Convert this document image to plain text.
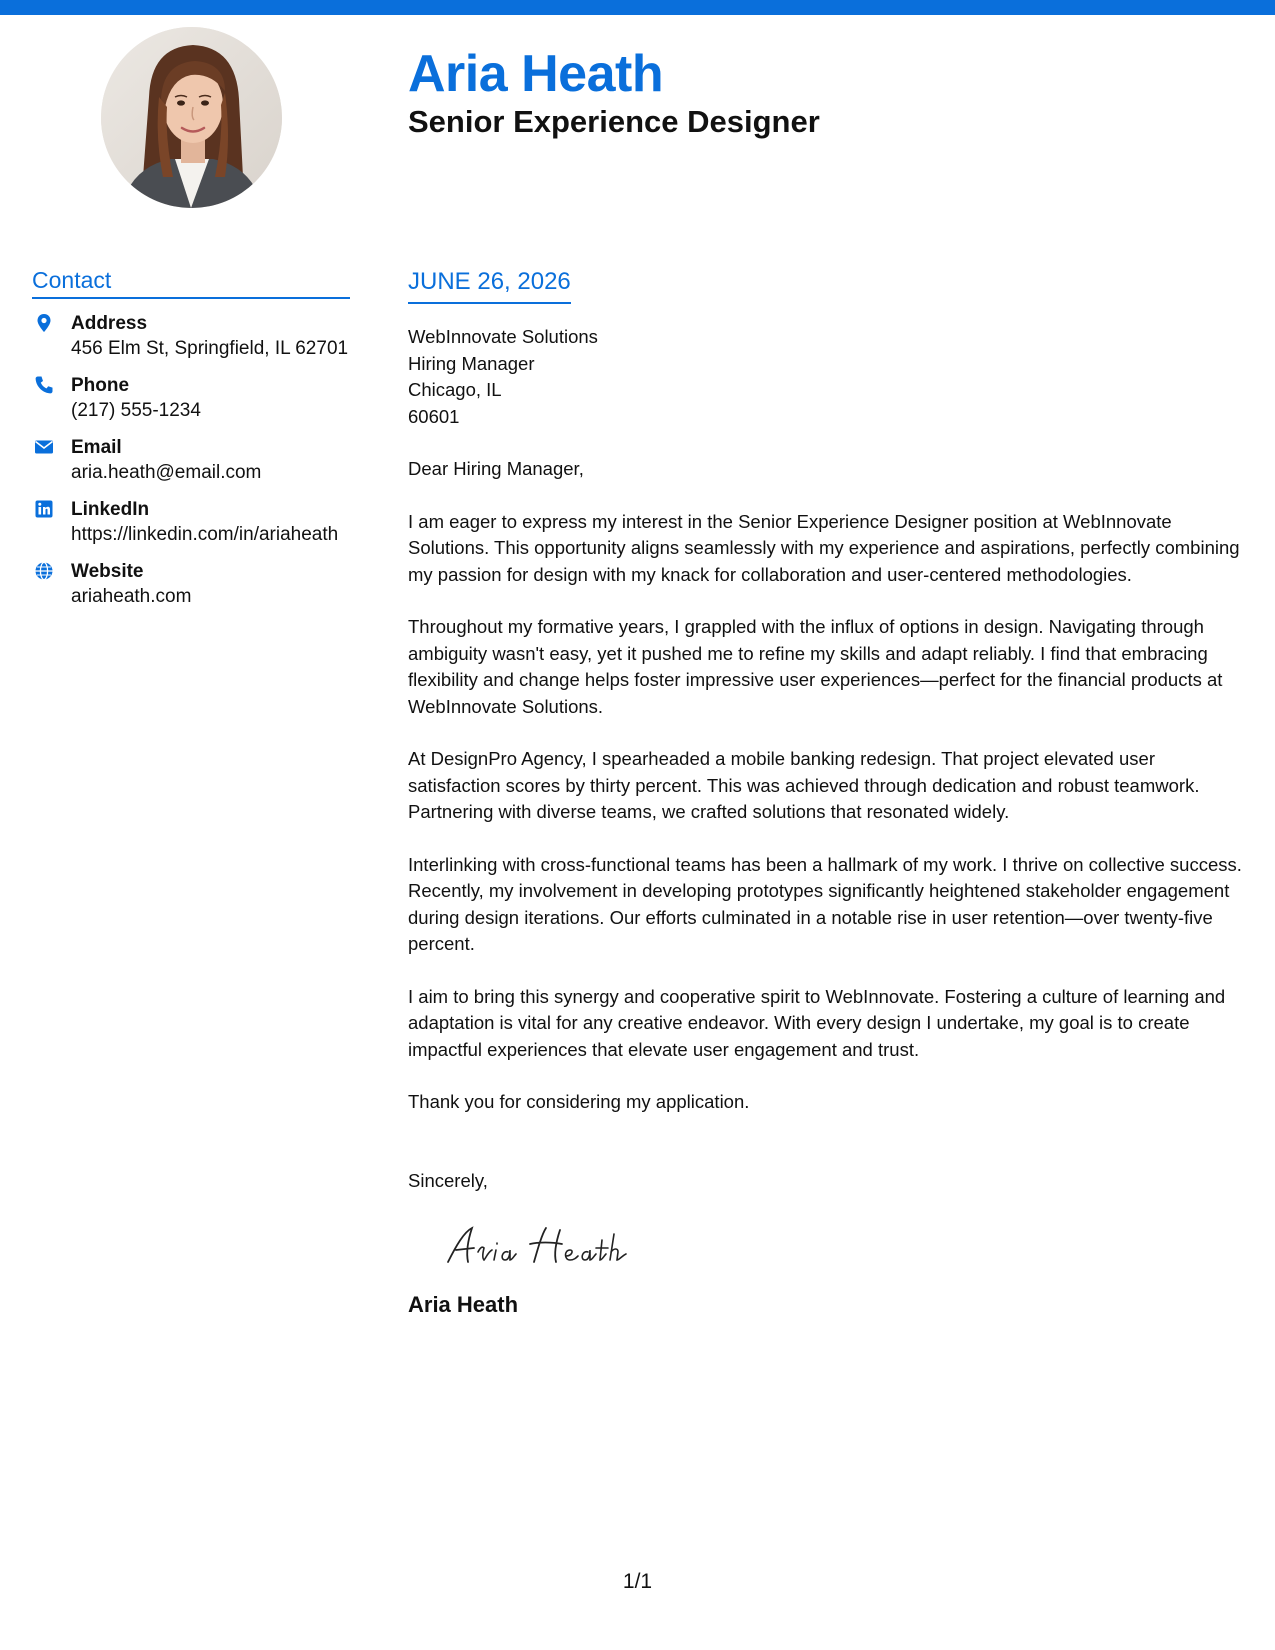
Aria Heath
Senior Experience Designer
Contact
Address
456 Elm St, Springfield, IL 62701
Phone
(217) 555-1234
Email
aria.heath@email.com
LinkedIn
https://linkedin.com/in/ariaheath
Website
ariaheath.com
JUNE 26, 2026
WebInnovate Solutions
Hiring Manager
Chicago, IL
60601
Dear Hiring Manager,

I am eager to express my interest in the Senior Experience Designer position at WebInnovate Solutions. This opportunity aligns seamlessly with my experience and aspirations, perfectly combining my passion for design with my knack for collaboration and user-centered methodologies.

Throughout my formative years, I grappled with the influx of options in design. Navigating through ambiguity wasn't easy, yet it pushed me to refine my skills and adapt reliably. I find that embracing flexibility and change helps foster impressive user experiences—perfect for the financial products at WebInnovate Solutions.

At DesignPro Agency, I spearheaded a mobile banking redesign. That project elevated user satisfaction scores by thirty percent. This was achieved through dedication and robust teamwork. Partnering with diverse teams, we crafted solutions that resonated widely.

Interlinking with cross-functional teams has been a hallmark of my work. I thrive on collective success. Recently, my involvement in developing prototypes significantly heightened stakeholder engagement during design iterations. Our efforts culminated in a notable rise in user retention—over twenty-five percent.

I aim to bring this synergy and cooperative spirit to WebInnovate. Fostering a culture of learning and adaptation is vital for any creative endeavor. With every design I undertake, my goal is to create impactful experiences that elevate user engagement and trust.

Thank you for considering my application.

Sincerely,
Aria Heath
1/1
